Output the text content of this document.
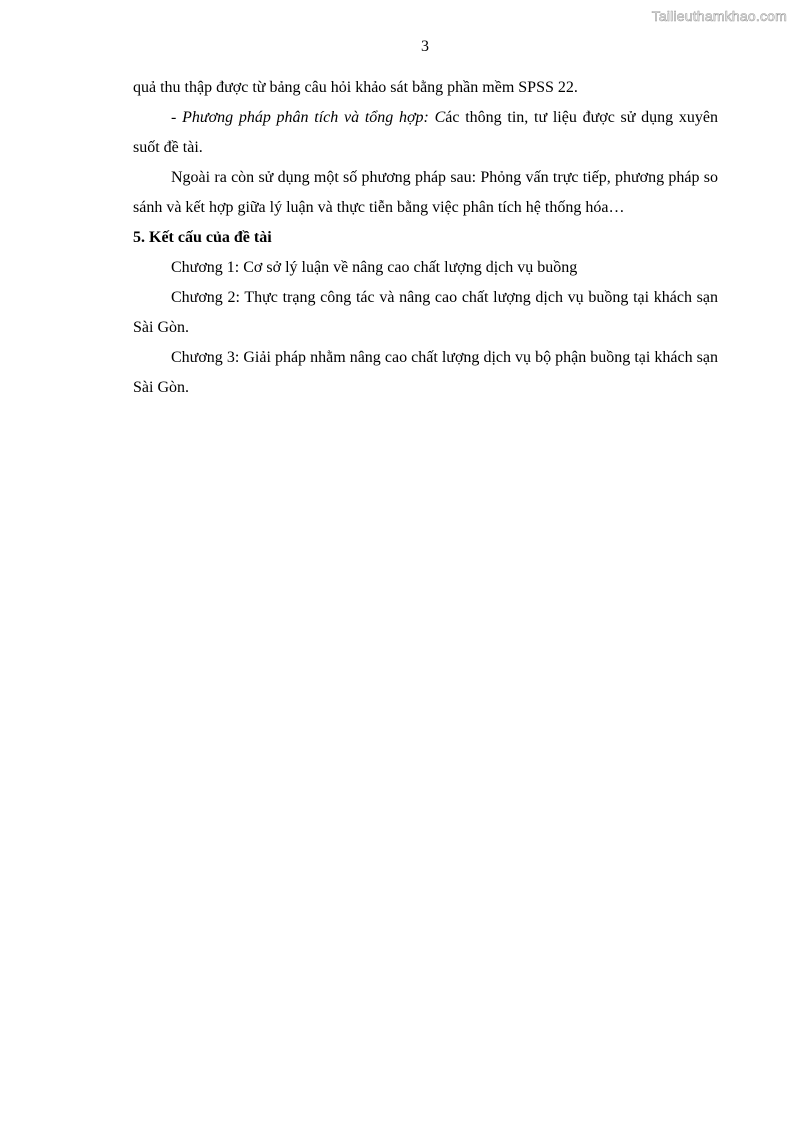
Tailieuthamkhao.com
3

quả thu thập được từ bảng câu hỏi khảo sát bằng phần mềm SPSS 22.

- Phương pháp phân tích và tổng hợp: Các thông tin, tư liệu được sử dụng xuyên suốt đề tài.

Ngoài ra còn sử dụng một số phương pháp sau: Phỏng vấn trực tiếp, phương pháp so sánh và kết hợp giữa lý luận và thực tiễn bằng việc phân tích hệ thống hóa…

5. Kết cấu của đề tài

Chương 1: Cơ sở lý luận về nâng cao chất lượng dịch vụ buồng

Chương 2: Thực trạng công tác và nâng cao chất lượng dịch vụ buồng tại khách sạn Sài Gòn.

Chương 3: Giải pháp nhằm nâng cao chất lượng dịch vụ bộ phận buồng tại khách sạn Sài Gòn.
